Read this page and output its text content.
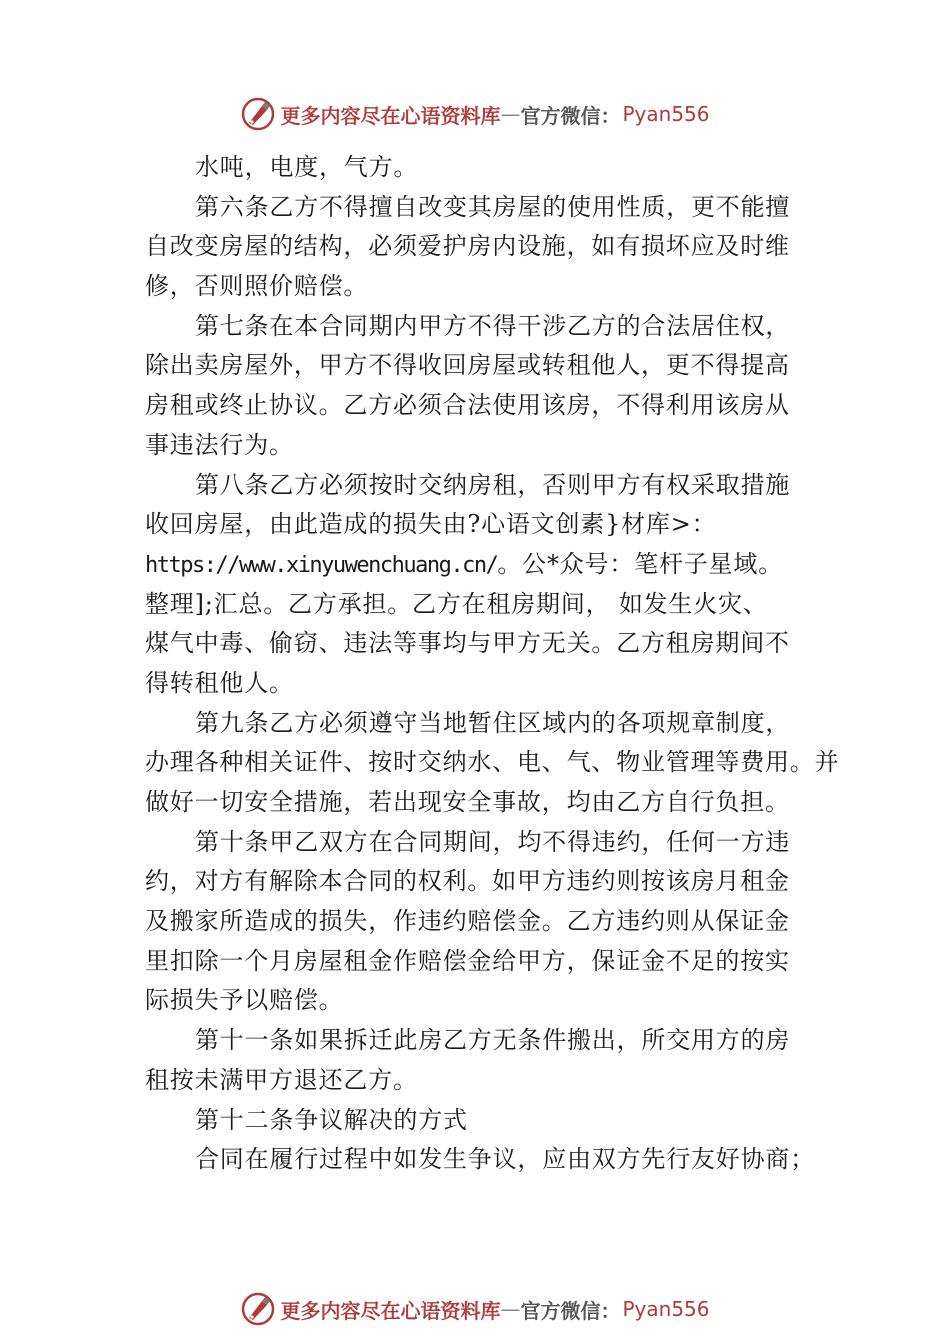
更多内容尽在心语资料库 — 官方微信： Pyan556
水吨，电度，气方。
第六条乙方不得擅自改变其房屋的使用性质，更不能擅
自改变房屋的结构，必须爱护房内设施，如有损坏应及时维
修，否则照价赔偿。
第七条在本合同期内甲方不得干涉乙方的合法居住权，
除出卖房屋外，甲方不得收回房屋或转租他人，更不得提高
房租或终止协议。乙方必须合法使用该房，不得利用该房从
事违法行为。
第八条乙方必须按时交纳房租，否则甲方有权采取措施
收回房屋，由此造成的损失由?心语文创素}材库>：
https://www.xinyuwenchuang.cn/。公*众号：笔杆子星域。
整理];汇总。乙方承担。乙方在租房期间， 如发生火灾、
煤气中毒、偷窃、违法等事均与甲方无关。乙方租房期间不
得转租他人。
第九条乙方必须遵守当地暂住区域内的各项规章制度，
办理各种相关证件、按时交纳水、电、气、物业管理等费用。并
做好一切安全措施，若出现安全事故，均由乙方自行负担。
第十条甲乙双方在合同期间，均不得违约，任何一方违
约，对方有解除本合同的权利。如甲方违约则按该房月租金
及搬家所造成的损失，作违约赔偿金。乙方违约则从保证金
里扣除一个月房屋租金作赔偿金给甲方，保证金不足的按实
际损失予以赔偿。
第十一条如果拆迁此房乙方无条件搬出，所交用方的房
租按未满甲方退还乙方。
第十二条争议解决的方式
合同在履行过程中如发生争议，应由双方先行友好协商；
更多内容尽在心语资料库 — 官方微信： Pyan556
